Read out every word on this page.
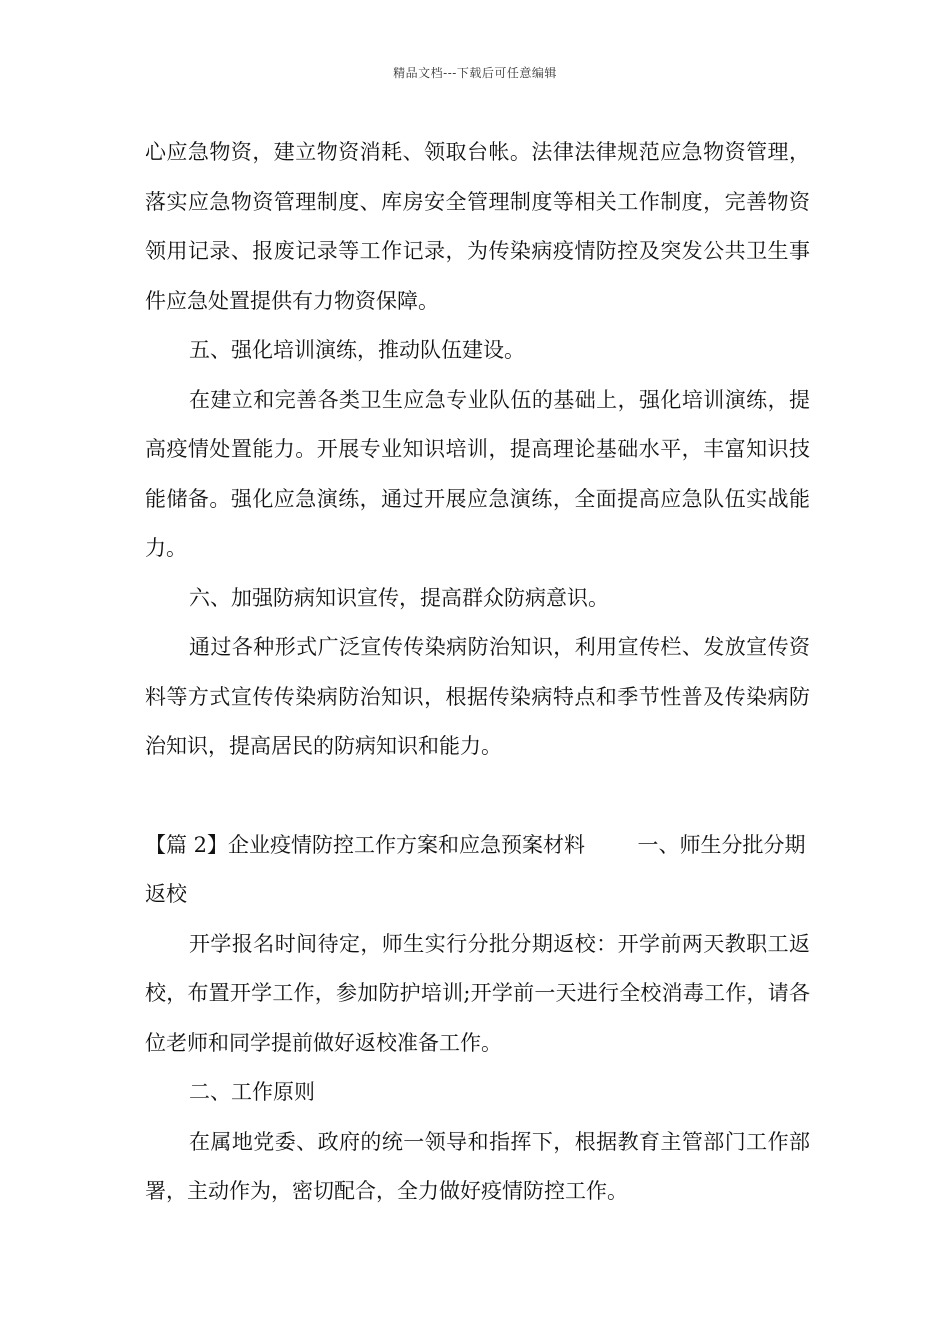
精品文档---下载后可任意编辑

心应急物资，建立物资消耗、领取台帐。法律法律规范应急物资管理，落实应急物资管理制度、库房安全管理制度等相关工作制度，完善物资领用记录、报废记录等工作记录，为传染病疫情防控及突发公共卫生事件应急处置提供有力物资保障。

五、强化培训演练，推动队伍建设。

在建立和完善各类卫生应急专业队伍的基础上，强化培训演练，提高疫情处置能力。开展专业知识培训，提高理论基础水平，丰富知识技能储备。强化应急演练，通过开展应急演练，全面提高应急队伍实战能力。

六、加强防病知识宣传，提高群众防病意识。

通过各种形式广泛宣传传染病防治知识，利用宣传栏、发放宣传资料等方式宣传传染病防治知识，根据传染病特点和季节性普及传染病防治知识，提高居民的防病知识和能力。

【篇 2】企业疫情防控工作方案和应急预案材料   	一、师生分批分期返校

开学报名时间待定，师生实行分批分期返校：开学前两天教职工返校，布置开学工作，参加防护培训;开学前一天进行全校消毒工作，请各位老师和同学提前做好返校准备工作。

二、工作原则

在属地党委、政府的统一领导和指挥下，根据教育主管部门工作部署，主动作为，密切配合，全力做好疫情防控工作。
